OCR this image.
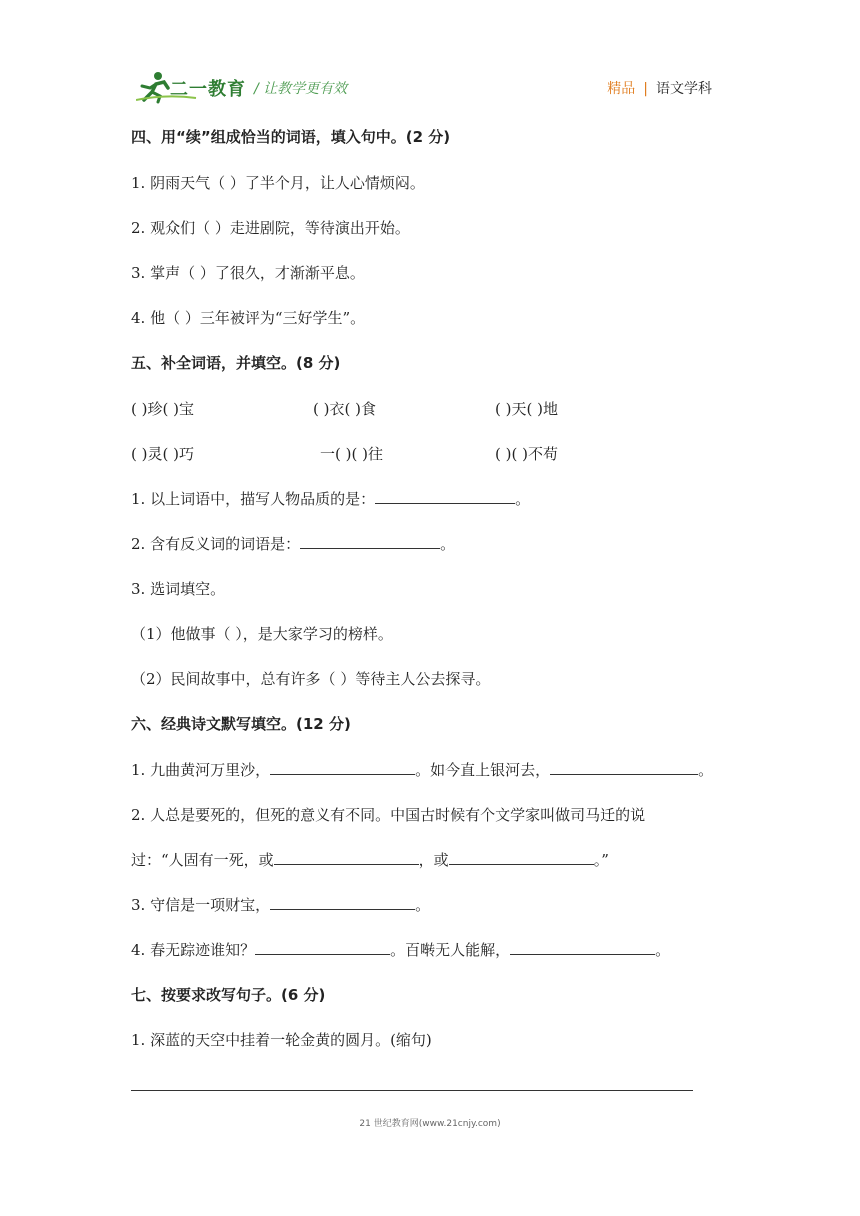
二一教育 / 让教学更有效	精品 | 语文学科
四、用“续”组成恰当的词语，填入句中。(2 分)
1. 阴雨天气（ ）了半个月，让人心情烦闷。
2. 观众们（ ）走进剧院，等待演出开始。
3. 掌声（ ）了很久，才渐渐平息。
4. 他（ ）三年被评为“三好学生”。
五、补全词语，并填空。(8 分)
( )珍( )宝	( )衣( )食	( )天( )地
( )灵( )巧	一( )( )往	( )( )不苟
1. 以上词语中，描写人物品质的是：	。
2. 含有反义词的词语是：	。
3. 选词填空。
（1）他做事（ ），是大家学习的榜样。
（2）民间故事中，总有许多（ ）等待主人公去探寻。
六、经典诗文默写填空。(12 分)
1. 九曲黄河万里沙，	。如今直上银河去，	。
2. 人总是要死的，但死的意义有不同。中国古时候有个文学家叫做司马迁的说
过：“人固有一死，或	，或	。”
3. 守信是一项财宝，	。
4. 春无踪迹谁知？	。百啭无人能解，	。
七、按要求改写句子。(6 分)
1. 深蓝的天空中挂着一轮金黄的圆月。(缩句)
21 世纪教育网(www.21cnjy.com)
